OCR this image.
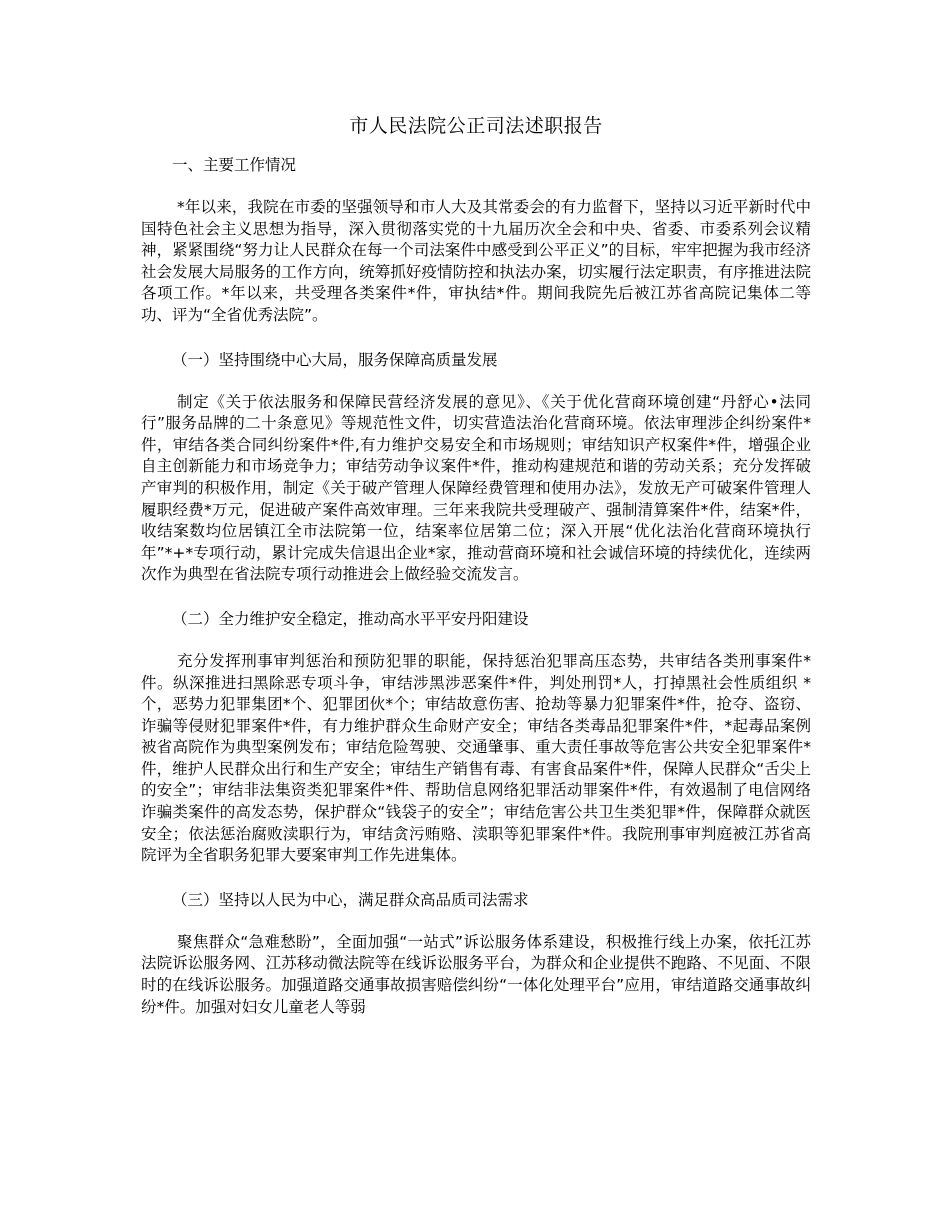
市人民法院公正司法述职报告
一、主要工作情况

*年以来，我院在市委的坚强领导和市人大及其常委会的有力监督下，坚持以习近平新时代中国特色社会主义思想为指导，深入贯彻落实党的十九届历次全会和中央、省委、市委系列会议精神，紧紧围绕“努力让人民群众在每一个司法案件中感受到公平正义”的目标，牢牢把握为我市经济社会发展大局服务的工作方向，统筹抓好疫情防控和执法办案，切实履行法定职责，有序推进法院各项工作。*年以来，共受理各类案件*件，审执结*件。期间我院先后被江苏省高院记集体二等功、评为“全省优秀法院”。

（一）坚持围绕中心大局，服务保障高质量发展

制定《关于依法服务和保障民营经济发展的意见》、《关于优化营商环境创建“丹舒心•法同行”服务品牌的二十条意见》等规范性文件，切实营造法治化营商环境。依法审理涉企纠纷案件*件，审结各类合同纠纷案件*件,有力维护交易安全和市场规则；审结知识产权案件*件，增强企业自主创新能力和市场竞争力；审结劳动争议案件*件，推动构建规范和谐的劳动关系；充分发挥破产审判的积极作用，制定《关于破产管理人保障经费管理和使用办法》，发放无产可破案件管理人履职经费*万元，促进破产案件高效审理。三年来我院共受理破产、强制清算案件*件，结案*件，收结案数均位居镇江全市法院第一位，结案率位居第二位；深入开展“优化法治化营商环境执行年”*+*专项行动，累计完成失信退出企业*家，推动营商环境和社会诚信环境的持续优化，连续两次作为典型在省法院专项行动推进会上做经验交流发言。

（二）全力维护安全稳定，推动高水平平安丹阳建设

充分发挥刑事审判惩治和预防犯罪的职能，保持惩治犯罪高压态势，共审结各类刑事案件*件。纵深推进扫黑除恶专项斗争，审结涉黑涉恶案件*件，判处刑罚*人，打掉黑社会性质组织 * 个，恶势力犯罪集团*个、犯罪团伙*个；审结故意伤害、抢劫等暴力犯罪案件*件，抢夺、盗窃、诈骗等侵财犯罪案件*件，有力维护群众生命财产安全；审结各类毒品犯罪案件*件，*起毒品案例被省高院作为典型案例发布；审结危险驾驶、交通肇事、重大责任事故等危害公共安全犯罪案件*件，维护人民群众出行和生产安全；审结生产销售有毒、有害食品案件*件，保障人民群众“舌尖上的安全”；审结非法集资类犯罪案件*件、帮助信息网络犯罪活动罪案件*件，有效遏制了电信网络诈骗类案件的高发态势，保护群众“钱袋子的安全”；审结危害公共卫生类犯罪*件，保障群众就医安全；依法惩治腐败渎职行为，审结贪污贿赂、渎职等犯罪案件*件。我院刑事审判庭被江苏省高院评为全省职务犯罪大要案审判工作先进集体。

（三）坚持以人民为中心，满足群众高品质司法需求

聚焦群众“急难愁盼”，全面加强“一站式”诉讼服务体系建设，积极推行线上办案，依托江苏法院诉讼服务网、江苏移动微法院等在线诉讼服务平台，为群众和企业提供不跑路、不见面、不限时的在线诉讼服务。加强道路交通事故损害赔偿纠纷“一体化处理平台”应用，审结道路交通事故纠纷*件。加强对妇女儿童老人等弱
